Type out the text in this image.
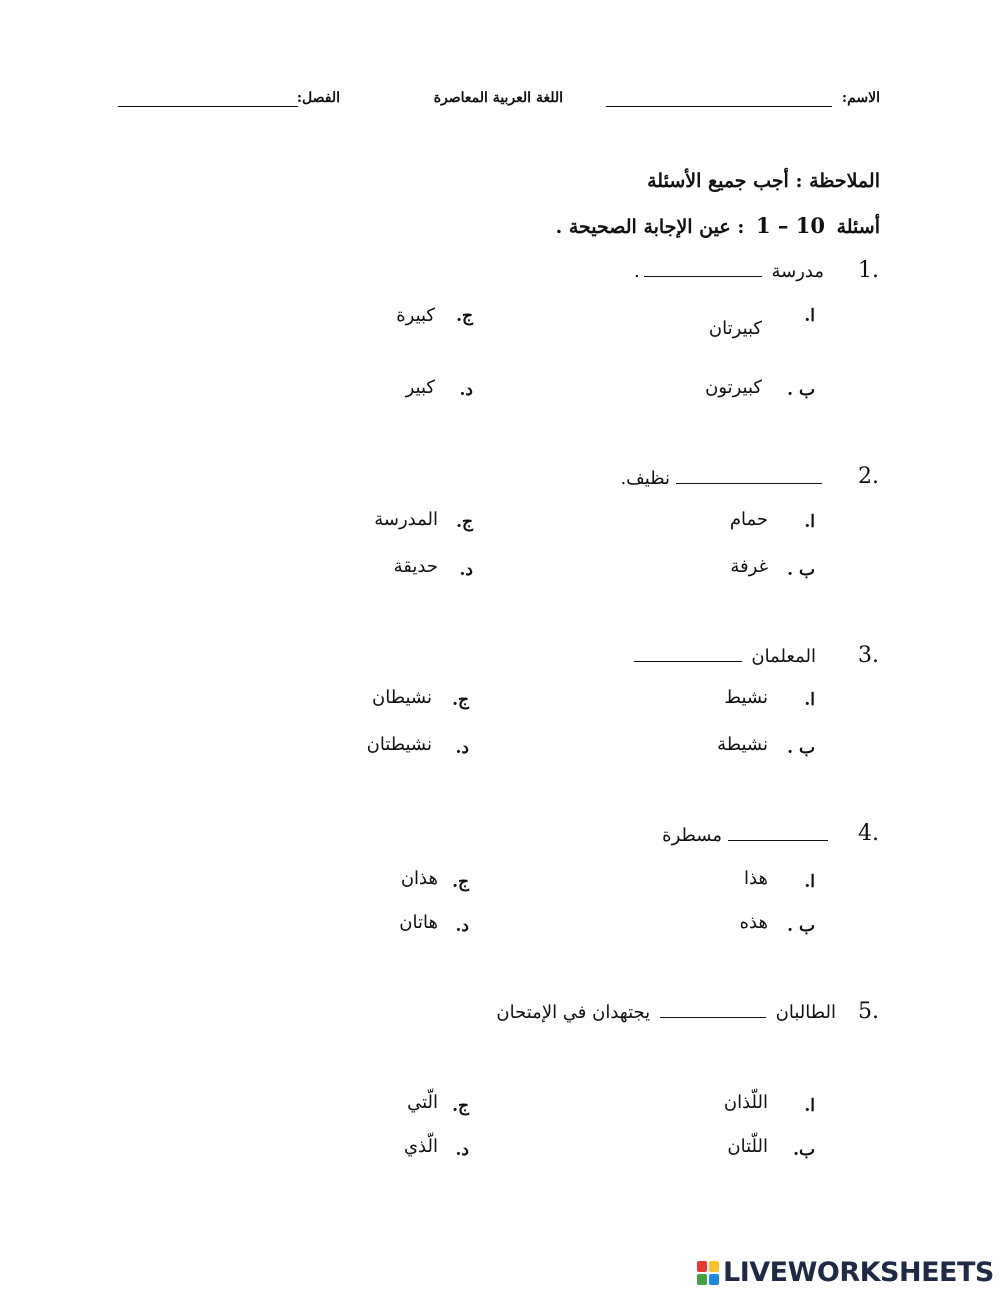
الاسم:
اللغة العربية المعاصرة
الفصل:
الملاحظة : أجب جميع الأسئلة
أسئلة 1 – 10 : عين الإجابة الصحيحة .
1.
مدرسة .
ا.
كبيرتان
ب .
كبيرتون
ج.
كبيرة
د.
كبير
2.
نظيف.
ا.
حمام
ب .
غرفة
ج.
المدرسة
د.
حديقة
3.
المعلمان
ا.
نشيط
ب .
نشيطة
ج.
نشيطان
د.
نشيطتان
4.
مسطرة
ا.
هذا
ب .
هذه
ج.
هذان
د.
هاتان
5.
الطالبان  يجتهدان في الإمتحان
ا.
اللّذان
ب.
اللّتان
ج.
الّتي
د.
الّذي
LIVEWORKSHEETS
